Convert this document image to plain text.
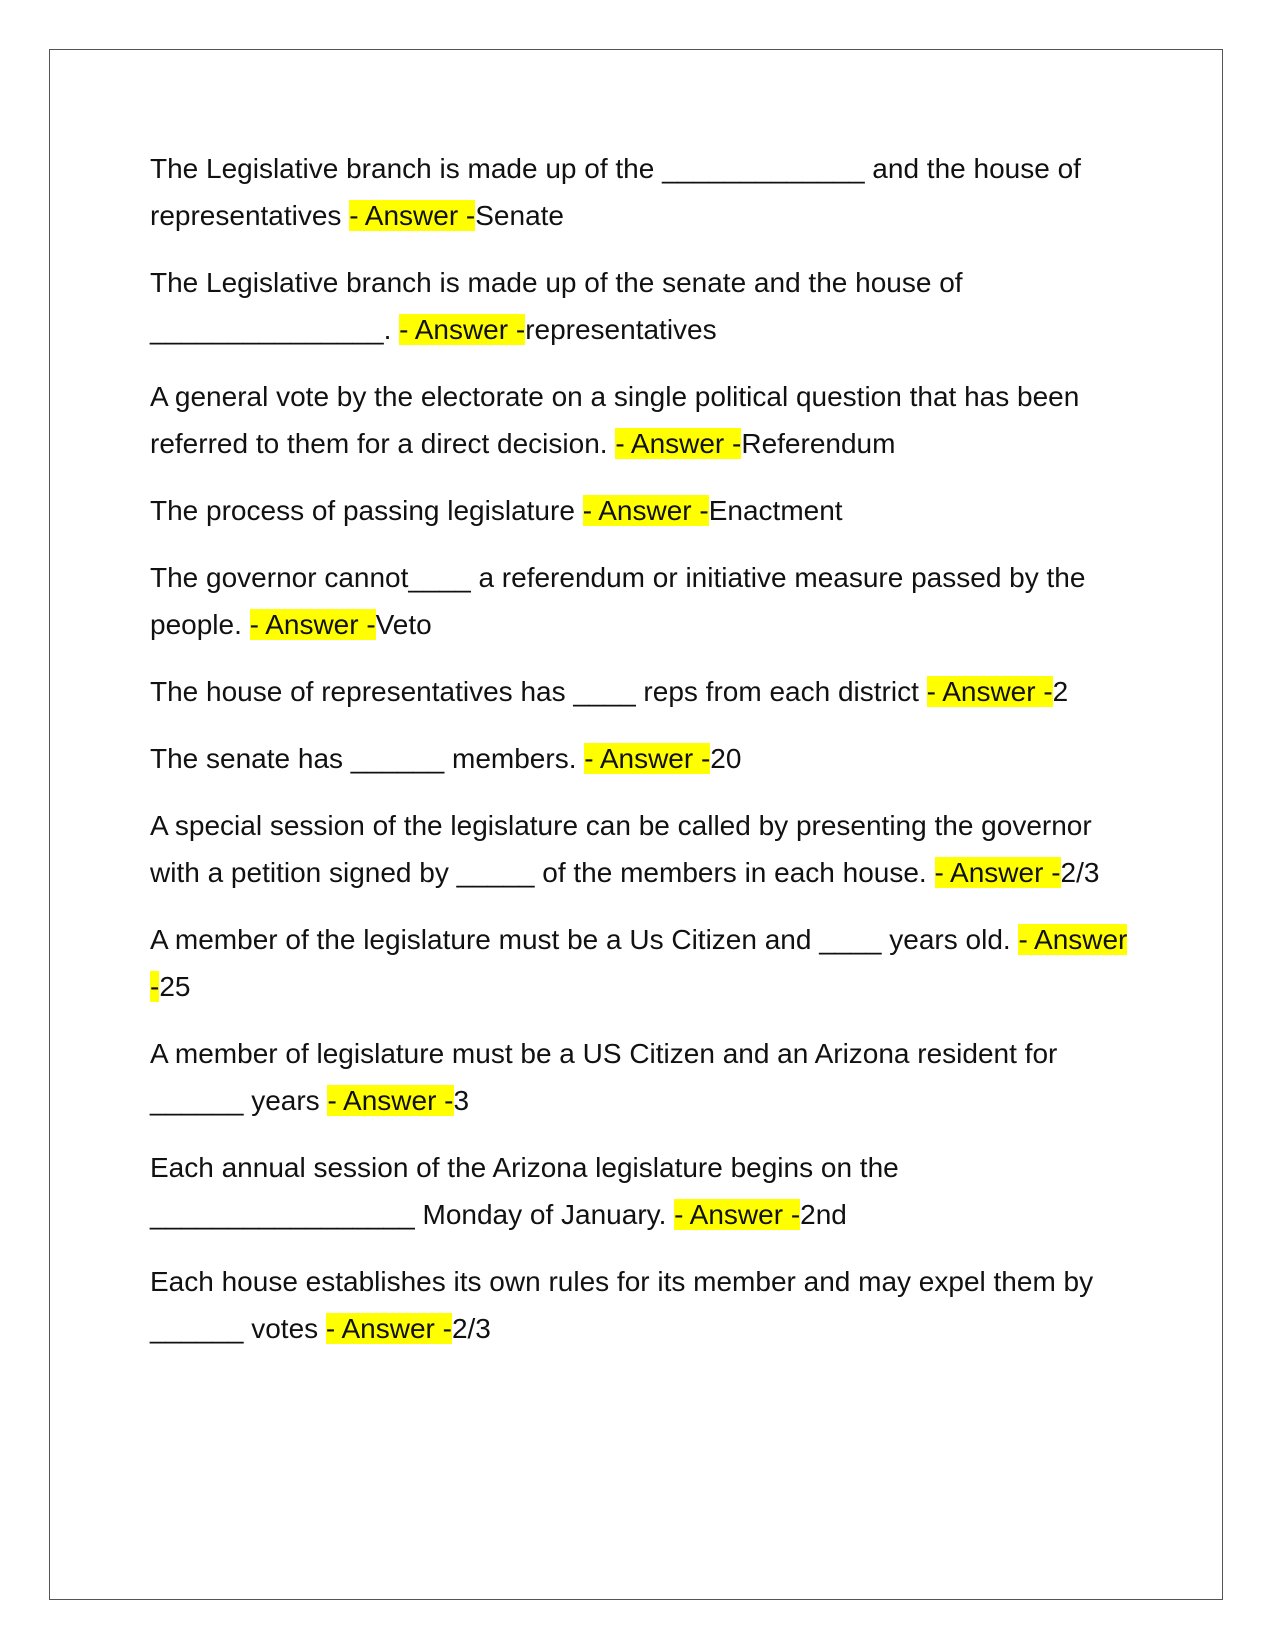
The Legislative branch is made up of the _____________ and the house of representatives - Answer -Senate

The Legislative branch is made up of the senate and the house of _______________. - Answer -representatives

A general vote by the electorate on a single political question that has been referred to them for a direct decision. - Answer -Referendum

The process of passing legislature - Answer -Enactment

The governor cannot____ a referendum or initiative measure passed by the people. - Answer -Veto

The house of representatives has ____ reps from each district - Answer -2

The senate has ______ members. - Answer -20

A special session of the legislature can be called by presenting the governor with a petition signed by _____ of the members in each house. - Answer -2/3

A member of the legislature must be a Us Citizen and ____ years old. - Answer -25

A member of legislature must be a US Citizen and an Arizona resident for ______ years - Answer -3

Each annual session of the Arizona legislature begins on the _________________ Monday of January. - Answer -2nd

Each house establishes its own rules for its member and may expel them by ______ votes - Answer -2/3
